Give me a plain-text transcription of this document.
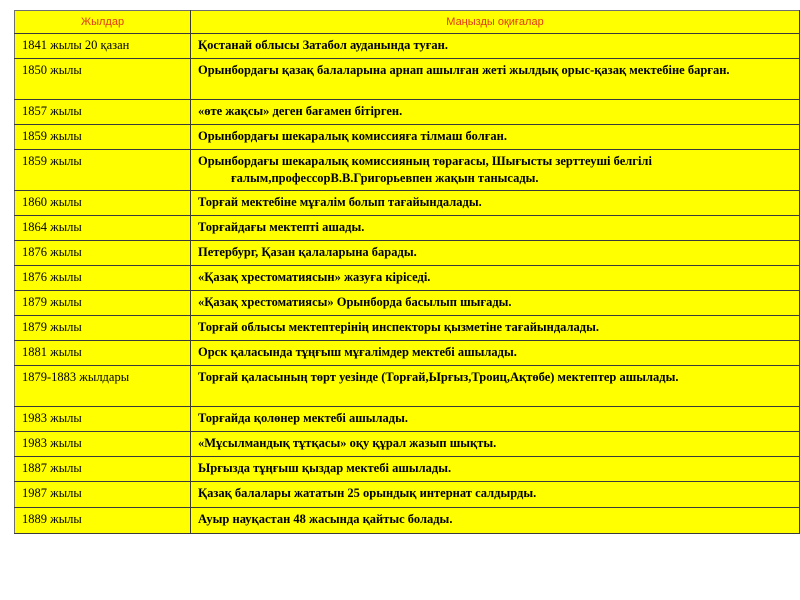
Жылдар	Маңызды оқиғалар
1841 жылы 20 қазан	Қостанай облысы Затабол ауданында туған.

1850 жылы	Орынбордағы қазақ балаларына арнап ашылған жеті жылдық орыс-қазақ мектебіне барған.

1857 жылы	«өте жақсы» деген бағамен бітірген.

1859 жылы	Орынбордағы шекаралық комиссияға тілмаш болған.

1859 жылы	Орынбордағы шекаралық комиссияның төрағасы, Шығысты зерттеуші белгілі ғалым,профессорВ.В.Григорьевпен жақын танысады.

1860 жылы	Торғай мектебіне мұғалім болып тағайындалады.

1864 жылы	Торғайдағы мектепті ашады.

1876 жылы	Петербург, Қазан қалаларына барады.

1876 жылы	«Қазақ хрестоматиясын» жазуға кіріседі.

1879 жылы	«Қазақ хрестоматиясы» Орынборда басылып шығады.

1879 жылы	Торғай облысы мектептерінің инспекторы қызметіне тағайындалады.

1881 жылы	Орск қаласында тұңғыш мұғалімдер мектебі ашылады.

1879-1883 жылдары	Торғай қаласының төрт уезінде (Торғай,Ырғыз,Троиц,Ақтөбе) мектептер ашылады.

1983 жылы	Торғайда қолөнер мектебі ашылады.

1983 жылы	«Мұсылмандық тұтқасы» оқу құрал жазып шықты.

1887 жылы	Ырғызда тұңғыш қыздар мектебі ашылады.

1987 жылы	Қазақ балалары жататын 25 орындық интернат салдырды.

1889 жылы	Ауыр науқастан 48 жасында қайтыс болады.
